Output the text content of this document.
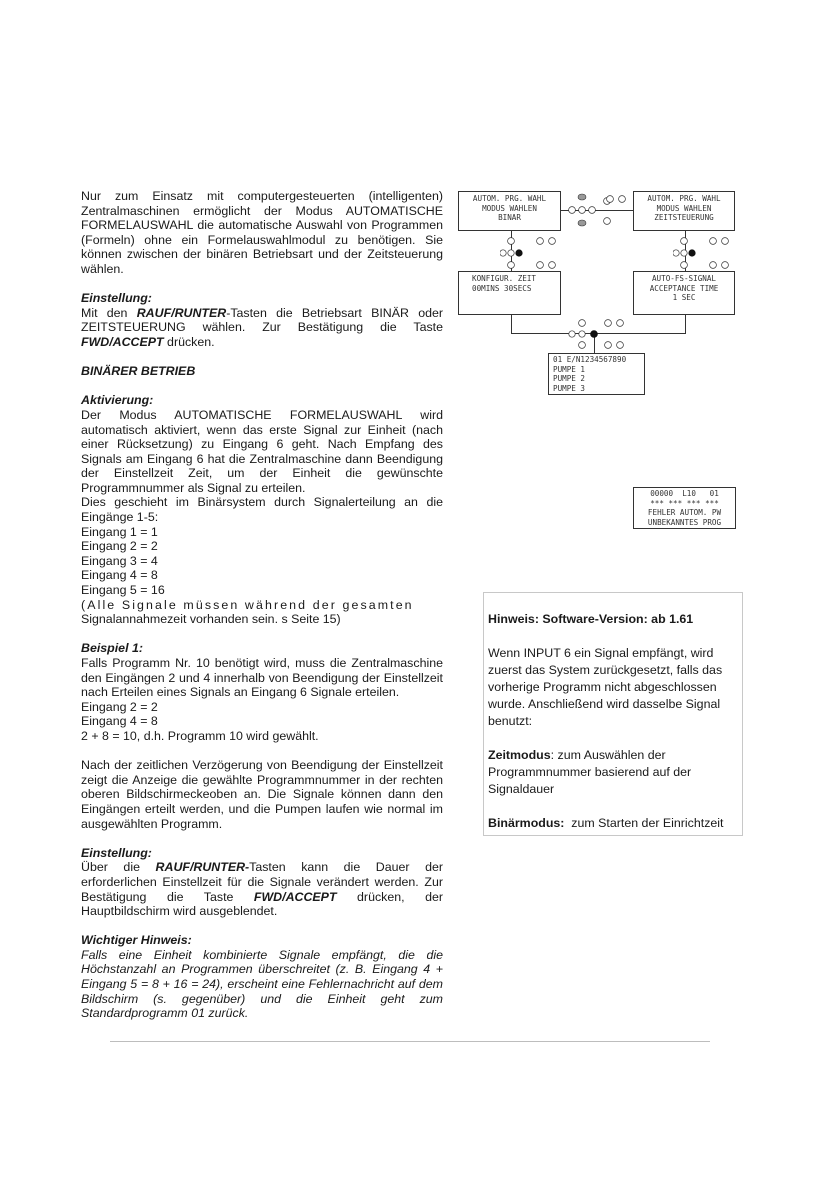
Nur zum Einsatz mit computergesteuerten (intelligenten) Zentralmaschinen ermöglicht der Modus AUTOMATISCHE FORMELAUSWAHL die automatische Auswahl von Programmen (Formeln) ohne ein Formelauswahlmodul zu benötigen. Sie können zwischen der binären Betriebsart und der Zeitsteuerung wählen.

Einstellung:

Mit den RAUF/RUNTER-Tasten die Betriebsart BINÄR oder ZEITSTEUERUNG wählen. Zur Bestätigung die Taste FWD/ACCEPT drücken.

BINÄRER BETRIEB

Aktivierung:

Der Modus AUTOMATISCHE FORMELAUSWAHL wird automatisch aktiviert, wenn das erste Signal zur Einheit (nach einer Rücksetzung) zu Eingang 6 geht. Nach Empfang des Signals am Eingang 6 hat die Zentralmaschine dann Beendigung der Einstellzeit Zeit, um der Einheit die gewünschte Programmnummer als Signal zu erteilen.

Dies geschieht im Binärsystem durch Signalerteilung an die Eingänge 1-5:

Eingang 1 = 1

Eingang 2 = 2

Eingang 3 = 4

Eingang 4 = 8

Eingang 5 = 16

(Alle Signale müssen während der gesamten

Signalannahmezeit vorhanden sein. s Seite 15)

Beispiel 1:

Falls Programm Nr. 10 benötigt wird, muss die Zentralmaschine den Eingängen 2 und 4 innerhalb von Beendigung der Einstellzeit nach Erteilen eines Signals an Eingang 6 Signale erteilen.

Eingang 2 = 2

Eingang 4 = 8

2 + 8 = 10, d.h. Programm 10 wird gewählt.

Nach der zeitlichen Verzögerung von Beendigung der Einstellzeit zeigt die Anzeige die gewählte Programmnummer in der rechten oberen Bildschirmeckeoben an. Die Signale können dann den Eingängen erteilt werden, und die Pumpen laufen wie normal im ausgewählten Programm.

Einstellung:

Über die RAUF/RUNTER-Tasten kann die Dauer der erforderlichen Einstellzeit für die Signale verändert werden. Zur Bestätigung die Taste FWD/ACCEPT drücken, der Hauptbildschirm wird ausgeblendet.

Wichtiger Hinweis:

Falls eine Einheit kombinierte Signale empfängt, die die Höchstanzahl an Programmen überschreitet (z. B. Eingang 4 + Eingang 5 = 8 + 16 = 24), erscheint eine Fehlernachricht auf dem Bildschirm (s. gegenüber) und die Einheit geht zum Standardprogramm 01 zurück.

AUTOM. PRG. WAHL
MODUS WAHLEN
BINAR
AUTOM. PRG. WAHL
MODUS WAHLEN
ZEITSTEUERUNG
KONFIGUR. ZEIT
00MINS 30SECS
AUTO-FS-SIGNAL
ACCEPTANCE TIME
1 SEC
01 E/N1234567890
PUMPE 1
PUMPE 2
PUMPE 3
00000  L10   01
*** *** *** ***
FEHLER AUTOM. PW
UNBEKANNTES PROG

Hinweis: Software-Version: ab 1.61

Wenn INPUT 6 ein Signal empfängt, wird zuerst das System zurückgesetzt, falls das vorherige Programm nicht abgeschlossen wurde. Anschließend wird dasselbe Signal benutzt:

Zeitmodus: zum Auswählen der Programmnummer basierend auf der Signaldauer

Binärmodus:  zum Starten der Einrichtzeit
